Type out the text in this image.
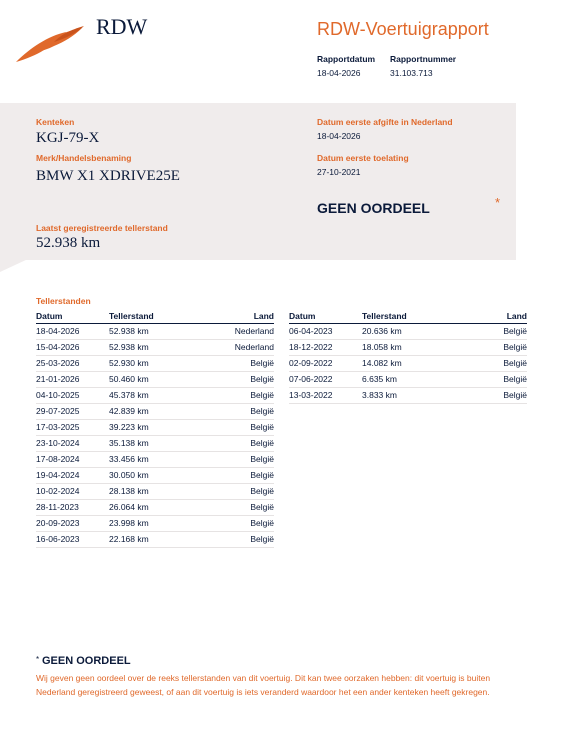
RDW	RDW-Voertuigrapport
Rapportdatum Rapportnummer
18-04-2026	31.103.713
Kenteken
KGJ-79-X
Merk/Handelsbenaming
BMW X1 XDRIVE25E
Laatst geregistreerde tellerstand
52.938 km
Datum eerste afgifte in Nederland
18-04-2026
Datum eerste toelating
27-10-2021
GEEN OORDEEL	*
Tellerstanden
Datum	Tellerstand	Land
18-04-2026	52.938 km	Nederland
15-04-2026	52.938 km	Nederland
25-03-2026	52.930 km	België
21-01-2026	50.460 km	België
04-10-2025	45.378 km	België
29-07-2025	42.839 km	België
17-03-2025	39.223 km	België
23-10-2024	35.138 km	België
17-08-2024	33.456 km	België
19-04-2024	30.050 km	België
10-02-2024	28.138 km	België
28-11-2023	26.064 km	België
20-09-2023	23.998 km	België
16-06-2023	22.168 km	België
Datum	Tellerstand	Land
06-04-2023	20.636 km	België
18-12-2022	18.058 km	België
02-09-2022	14.082 km	België
07-06-2022	6.635 km	België
13-03-2022	3.833 km	België
* GEEN OORDEEL
Wij geven geen oordeel over de reeks tellerstanden van dit voertuig. Dit kan twee oorzaken hebben: dit voertuig is buiten Nederland geregistreerd geweest, of aan dit voertuig is iets veranderd waardoor het een ander kenteken heeft gekregen.
